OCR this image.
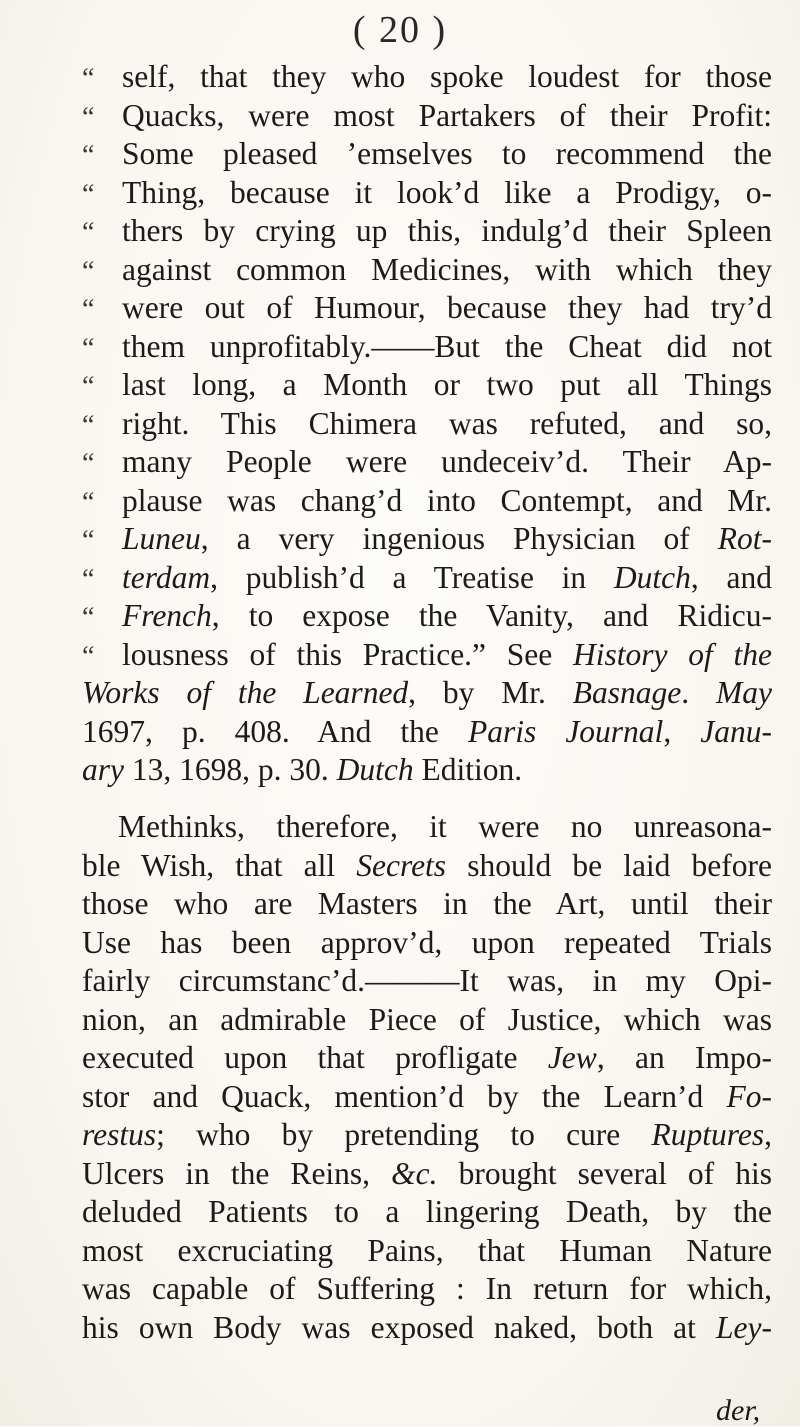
( 20 )
“ self, that they who spoke loudest for those
“ Quacks, were most Partakers of their Profit:
“ Some pleased ’emselves to recommend the
“ Thing, because it look’d like a Prodigy, o-
“ thers by crying up this, indulg’d their Spleen
“ against common Medicines, with which they
“ were out of Humour, because they had try’d
“ them unprofitably.——But the Cheat did not
“ last long, a Month or two put all Things
“ right. This Chimera was refuted, and so,
“ many People were undeceiv’d. Their Ap-
“ plause was chang’d into Contempt, and Mr.
“ Luneu, a very ingenious Physician of Rot-
“ terdam, publish’d a Treatise in Dutch, and
“ French, to expose the Vanity, and Ridicu-
“ lousness of this Practice.” See History of the
Works of the Learned, by Mr. Basnage. May
1697, p. 408. And the Paris Journal, Janu-
ary 13, 1698, p. 30. Dutch Edition.
Methinks, therefore, it were no unreasona-
ble Wish, that all Secrets should be laid before
those who are Masters in the Art, until their
Use has been approv’d, upon repeated Trials
fairly circumstanc’d.———It was, in my Opi-
nion, an admirable Piece of Justice, which was
executed upon that profligate Jew, an Impo-
stor and Quack, mention’d by the Learn’d Fo-
restus; who by pretending to cure Ruptures,
Ulcers in the Reins, &c. brought several of his
deluded Patients to a lingering Death, by the
most excruciating Pains, that Human Nature
was capable of Suffering : In return for which,
his own Body was exposed naked, both at Ley-
der,
